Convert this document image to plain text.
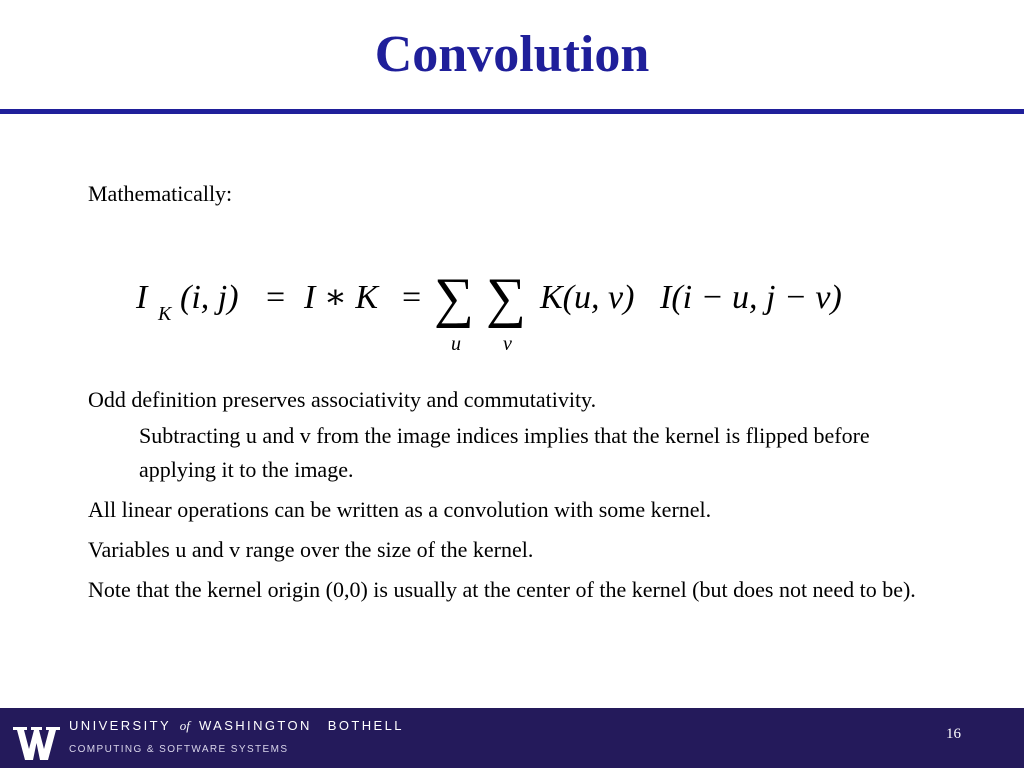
Convolution
Mathematically:
I K (i, j) = I ∗ K = ∑ ∑
u v
K(u, v) I(i − u, j − v)

Odd definition preserves associativity and commutativity.

Subtracting u and v from the image indices implies that the kernel is flipped before applying it to the image.

All linear operations can be written as a convolution with some kernel.

Variables u and v range over the size of the kernel.

Note that the kernel origin (0,0) is usually at the center of the kernel (but does not need to be).

UNIVERSITY of WASHINGTON BOTHELL
COMPUTING & SOFTWARE SYSTEMS
16
